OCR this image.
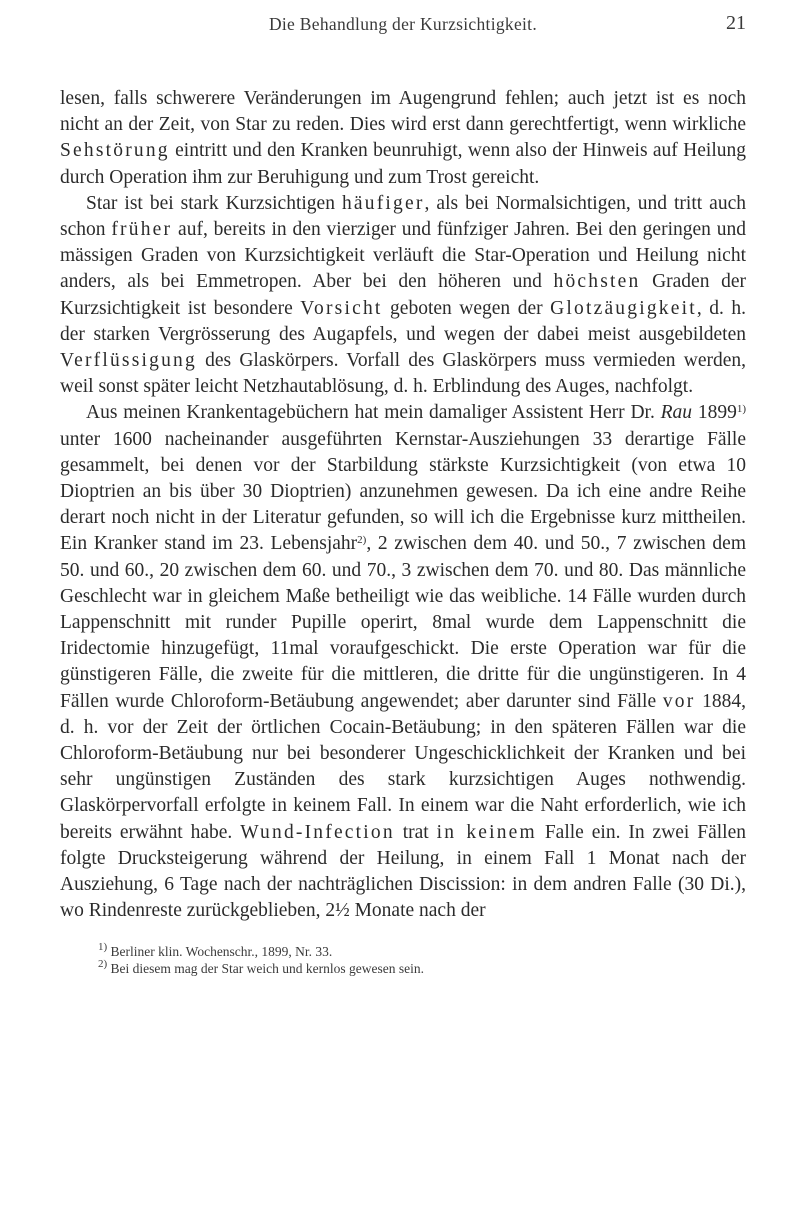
Die Behandlung der Kurzsichtigkeit.	21

lesen, falls schwerere Veränderungen im Augengrund fehlen; auch jetzt ist es noch nicht an der Zeit, von Star zu reden. Dies wird erst dann gerechtfertigt, wenn wirkliche Sehstörung eintritt und den Kranken beunruhigt, wenn also der Hinweis auf Heilung durch Operation ihm zur Beruhigung und zum Trost gereicht.

Star ist bei stark Kurzsichtigen häufiger, als bei Normalsichtigen, und tritt auch schon früher auf, bereits in den vierziger und fünfziger Jahren. Bei den geringen und mässigen Graden von Kurzsichtigkeit verläuft die Star-Operation und Heilung nicht anders, als bei Emmetropen. Aber bei den höheren und höchsten Graden der Kurzsichtigkeit ist besondere Vorsicht geboten wegen der Glotzäugigkeit, d. h. der starken Vergrösserung des Augapfels, und wegen der dabei meist ausgebildeten Verflüssigung des Glaskörpers. Vorfall des Glaskörpers muss vermieden werden, weil sonst später leicht Netzhautablösung, d. h. Erblindung des Auges, nachfolgt.

Aus meinen Krankentagebüchern hat mein damaliger Assistent Herr Dr. Rau 1899$^{1)}$ unter 1600 nacheinander ausgeführten Kernstar-Ausziehungen 33 derartige Fälle gesammelt, bei denen vor der Starbildung stärkste Kurzsichtigkeit (von etwa 10 Dioptrien an bis über 30 Dioptrien) anzunehmen gewesen. Da ich eine andre Reihe derart noch nicht in der Literatur gefunden, so will ich die Ergebnisse kurz mittheilen. Ein Kranker stand im 23. Lebensjahr$^{2)}$, 2 zwischen dem 40. und 50., 7 zwischen dem 50. und 60., 20 zwischen dem 60. und 70., 3 zwischen dem 70. und 80. Das männliche Geschlecht war in gleichem Maße betheiligt wie das weibliche. 14 Fälle wurden durch Lappenschnitt mit runder Pupille operirt, 8mal wurde dem Lappenschnitt die Iridectomie hinzugefügt, 11mal voraufgeschickt. Die erste Operation war für die günstigeren Fälle, die zweite für die mittleren, die dritte für die ungünstigeren. In 4 Fällen wurde Chloroform-Betäubung angewendet; aber darunter sind Fälle vor 1884, d. h. vor der Zeit der örtlichen Cocain-Betäubung; in den späteren Fällen war die Chloroform-Betäubung nur bei besonderer Ungeschicklichkeit der Kranken und bei sehr ungünstigen Zuständen des stark kurzsichtigen Auges nothwendig. Glaskörpervorfall erfolgte in keinem Fall. In einem war die Naht erforderlich, wie ich bereits erwähnt habe. Wund-Infection trat in keinem Falle ein. In zwei Fällen folgte Drucksteigerung während der Heilung, in einem Fall 1 Monat nach der Ausziehung, 6 Tage nach der nachträglichen Discission: in dem andren Falle (30 Di.), wo Rindenreste zurückgeblieben, 2½ Monate nach der

$^{1)}$ Berliner klin. Wochenschr., 1899, Nr. 33.

$^{2)}$ Bei diesem mag der Star weich und kernlos gewesen sein.
